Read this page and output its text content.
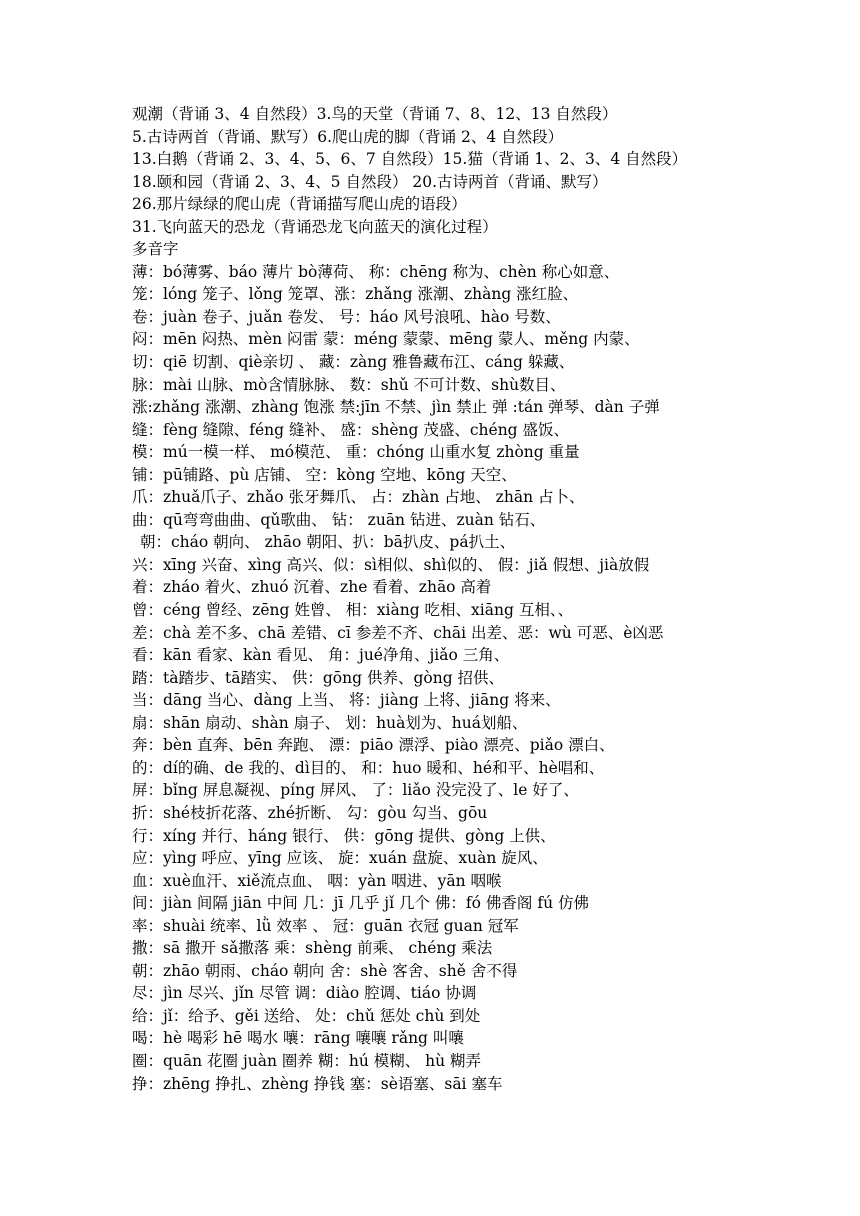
观潮（背诵 3、4 自然段）3.鸟的天堂（背诵 7、8、12、13 自然段）
5.古诗两首（背诵、默写）6.爬山虎的脚（背诵 2、4 自然段）
13.白鹅（背诵 2、3、4、5、6、7 自然段）15.猫（背诵 1、2、3、4 自然段）
18.颐和园（背诵 2、3、4、5 自然段） 20.古诗两首（背诵、默写）
26.那片绿绿的爬山虎（背诵描写爬山虎的语段）
31.飞向蓝天的恐龙（背诵恐龙飞向蓝天的演化过程）
多音字
薄：bó薄雾、báo 薄片 bò薄荷、 称：chēng 称为、chèn 称心如意、
笼：lóng 笼子、lǒng 笼罩、涨：zhǎng 涨潮、zhàng 涨红脸、
卷：juàn 卷子、juǎn 卷发、 号：háo 风号浪吼、hào 号数、
闷：mēn 闷热、mèn 闷雷 蒙：méng 蒙蒙、mēng 蒙人、měng 内蒙、
切：qiē 切割、qiè亲切 、 藏：zàng 雅鲁藏布江、cáng 躲藏、
脉：mài 山脉、mò含情脉脉、 数：shǔ 不可计数、shù数目、
涨:zhǎng 涨潮、zhàng 饱涨 禁:jīn 不禁、jìn 禁止 弹 :tán 弹琴、dàn 子弹
缝：fèng 缝隙、féng 缝补、 盛：shèng 茂盛、chéng 盛饭、
模：mú一模一样、 mó模范、 重：chóng 山重水复 zhòng 重量
铺：pū铺路、pù 店铺、 空：kòng 空地、kōng 天空、
爪：zhuǎ爪子、zhǎo 张牙舞爪、 占：zhàn 占地、 zhān 占卜、
曲：qū弯弯曲曲、qǔ歌曲、 钻： zuān 钻进、zuàn 钻石、
朝：cháo 朝向、 zhāo 朝阳、扒：bā扒皮、pá扒土、
兴：xīng 兴奋、xìng 高兴、似：sì相似、shì似的、 假：jiǎ 假想、jià放假
着：zháo 着火、zhuó 沉着、zhe 看着、zhāo 高着
曾：céng 曾经、zēng 姓曾、 相：xiàng 吃相、xiāng 互相、、
差：chà 差不多、chā 差错、cī 参差不齐、chāi 出差、恶：wù 可恶、è凶恶
看：kān 看家、kàn 看见、 角：jué净角、jiǎo 三角、
踏：tà踏步、tā踏实、 供：gōng 供养、gòng 招供、
当：dāng 当心、dàng 上当、 将：jiàng 上将、jiāng 将来、
扇：shān 扇动、shàn 扇子、 划：huà划为、huá划船、
奔：bèn 直奔、bēn 奔跑、 漂：piāo 漂浮、piào 漂亮、piǎo 漂白、
的：dí的确、de 我的、dì目的、 和：huo 暖和、hé和平、hè唱和、
屏：bǐng 屏息凝视、píng 屏风、 了：liǎo 没完没了、le 好了、
折：shé枝折花落、zhé折断、 勾：gòu 勾当、gōu
行：xíng 并行、háng 银行、 供：gōng 提供、gòng 上供、
应：yìng 呼应、yīng 应该、 旋：xuán 盘旋、xuàn 旋风、
血：xuè血汗、xiě流点血、 咽：yàn 咽进、yān 咽喉
间：jiàn 间隔 jiān 中间 几：jī 几乎 jǐ 几个 佛：fó 佛香阁 fú 仿佛
率：shuài 统率、lǜ 效率 、 冠：guān 衣冠 guan 冠军
撒：sā 撒开 sǎ撒落 乘：shèng 前乘、 chéng 乘法
朝：zhāo 朝雨、cháo 朝向 舍：shè 客舍、shě 舍不得
尽：jìn 尽兴、jǐn 尽管 调：diào 腔调、tiáo 协调
给：jǐ：给予、gěi 送给、 处：chǔ 惩处 chù 到处
喝：hè 喝彩 hē 喝水 嚷：rāng 嚷嚷 rǎng 叫嚷
圈：quān 花圈 juàn 圈养 糊：hú 模糊、 hù 糊弄
挣：zhēng 挣扎、zhèng 挣钱 塞：sè语塞、sāi 塞车
